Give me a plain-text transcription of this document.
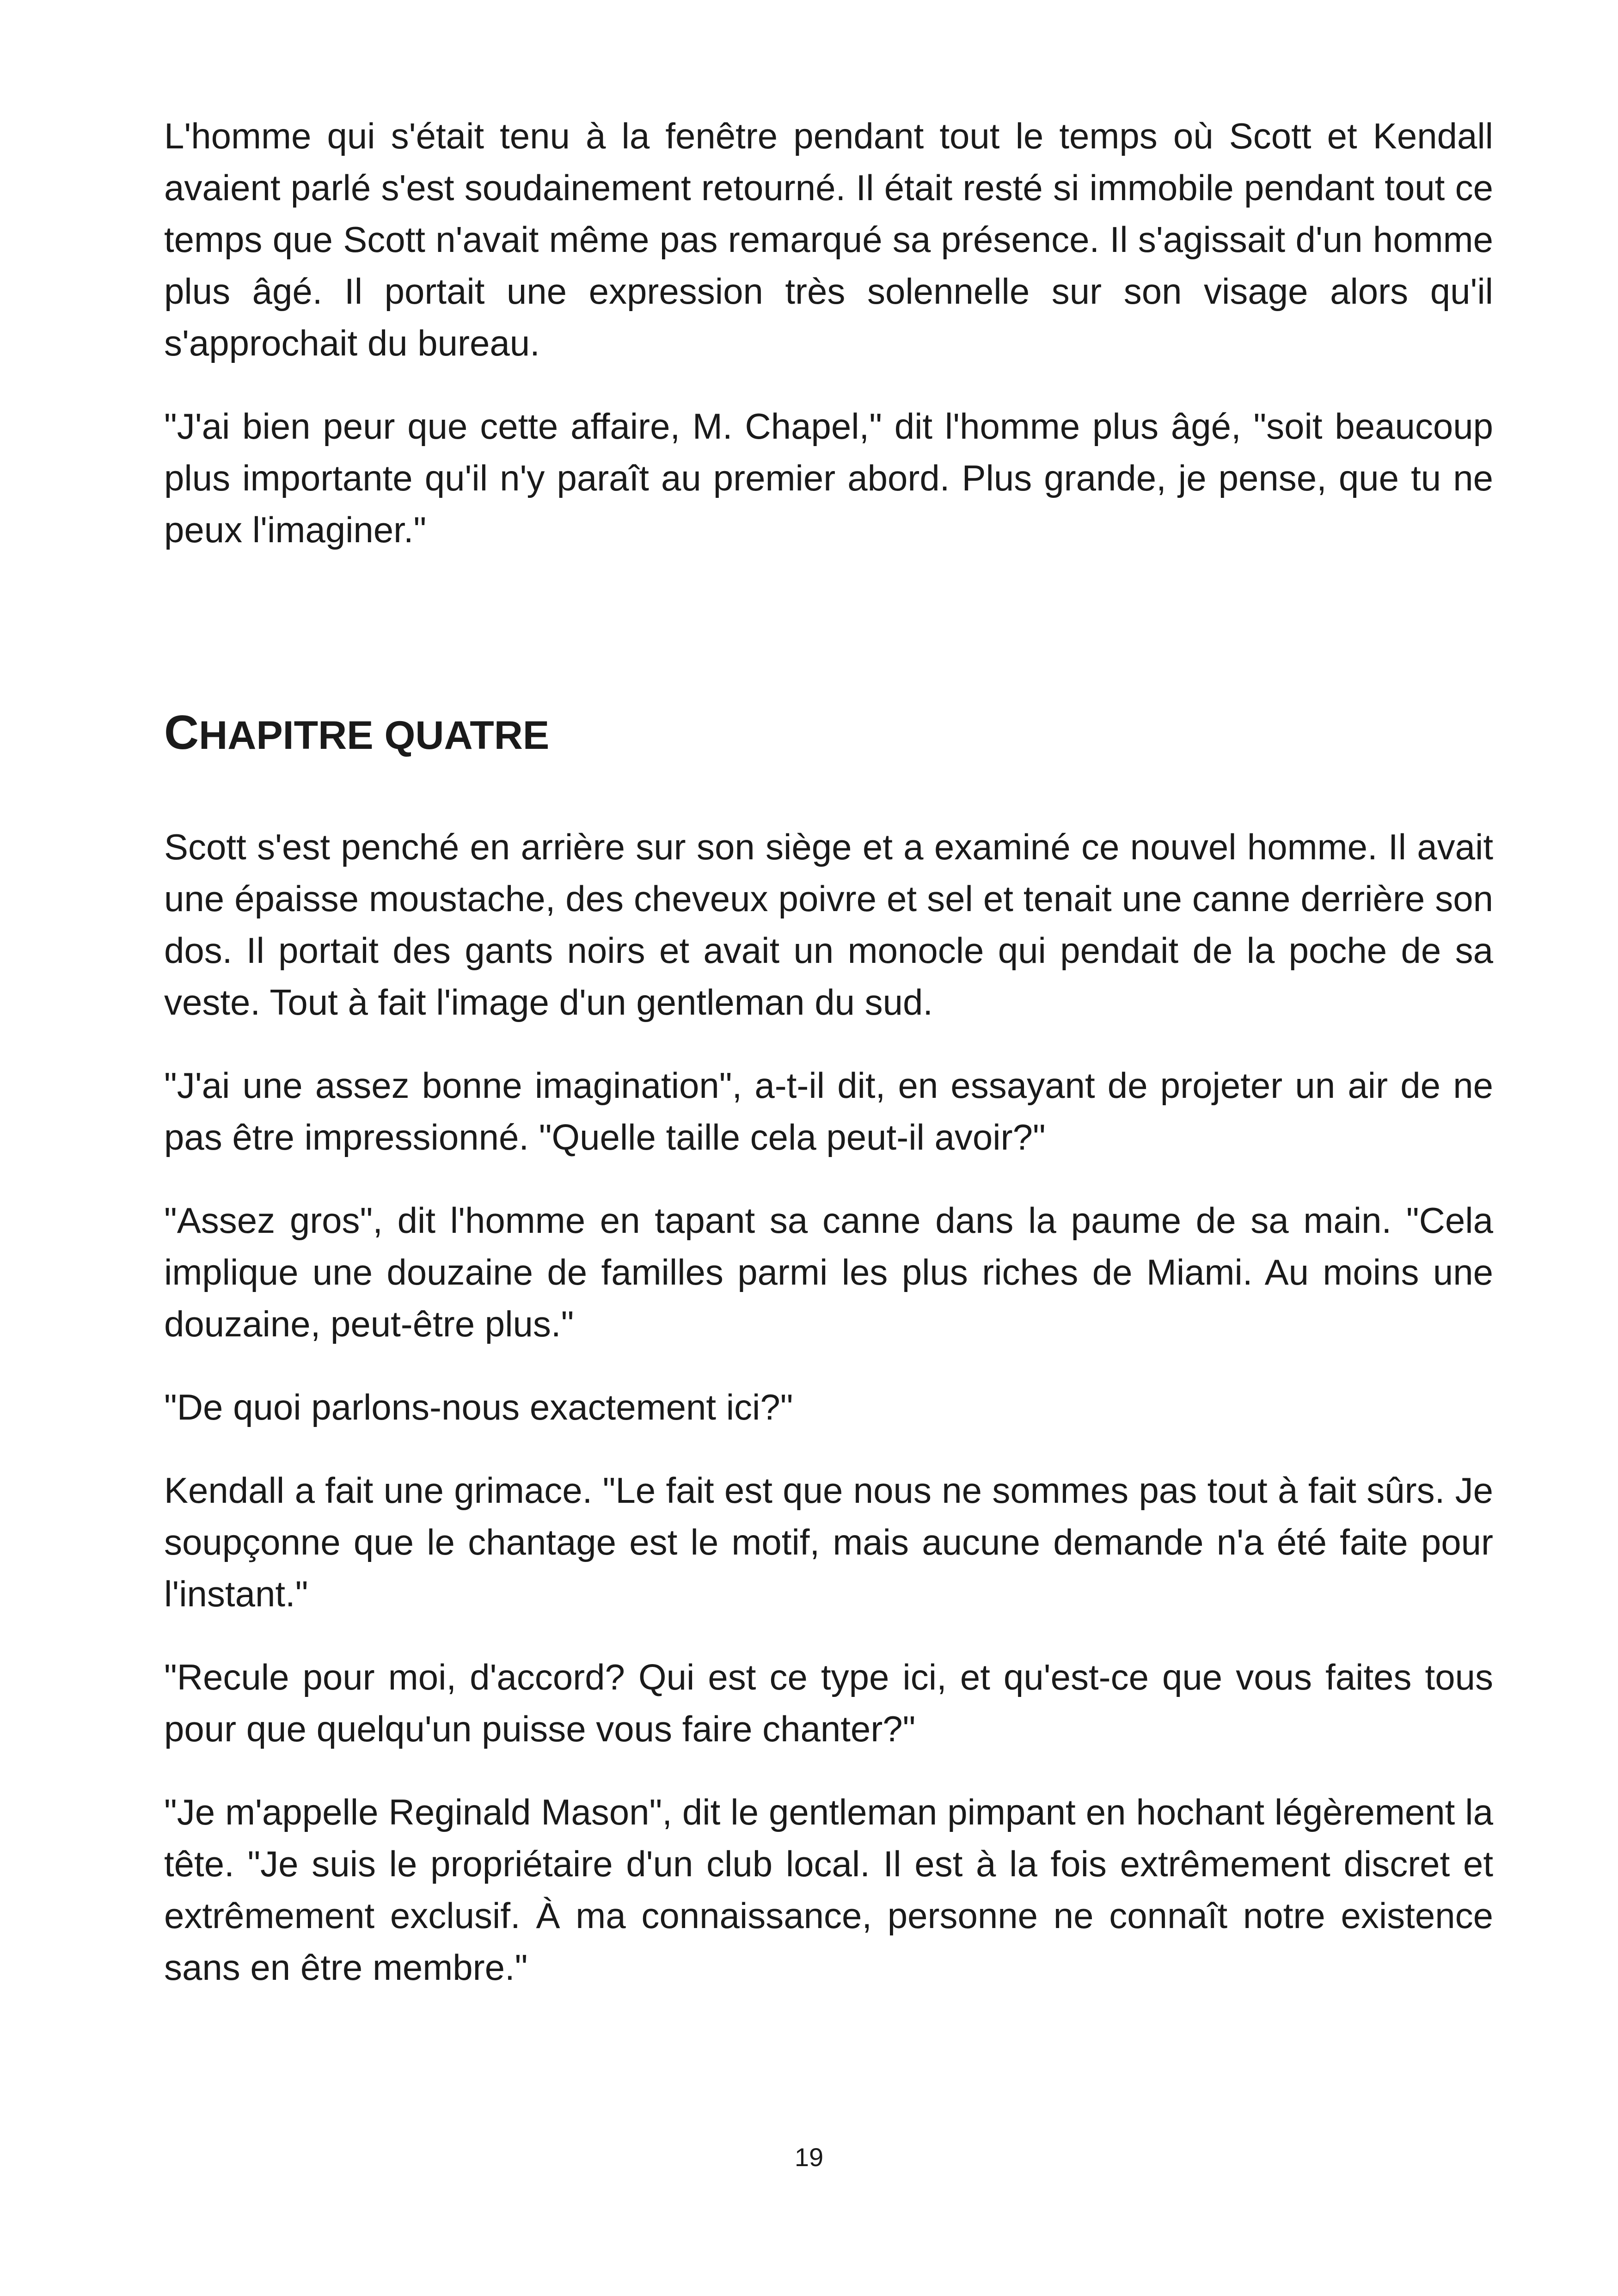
L'homme qui s'était tenu à la fenêtre pendant tout le temps où Scott et Kendall avaient parlé s'est soudainement retourné. Il était resté si immobile pendant tout ce temps que Scott n'avait même pas remarqué sa présence. Il s'agissait d'un homme plus âgé. Il portait une expression très solennelle sur son visage alors qu'il s'approchait du bureau.

"J'ai bien peur que cette affaire, M. Chapel," dit l'homme plus âgé, "soit beaucoup plus importante qu'il n'y paraît au premier abord. Plus grande, je pense, que tu ne peux l'imaginer."

CHAPITRE QUATRE

Scott s'est penché en arrière sur son siège et a examiné ce nouvel homme. Il avait une épaisse moustache, des cheveux poivre et sel et tenait une canne derrière son dos. Il portait des gants noirs et avait un monocle qui pendait de la poche de sa veste. Tout à fait l'image d'un gentleman du sud.

"J'ai une assez bonne imagination", a-t-il dit, en essayant de projeter un air de ne pas être impressionné. "Quelle taille cela peut-il avoir?"

"Assez gros", dit l'homme en tapant sa canne dans la paume de sa main. "Cela implique une douzaine de familles parmi les plus riches de Miami. Au moins une douzaine, peut-être plus."

"De quoi parlons-nous exactement ici?"

Kendall a fait une grimace. "Le fait est que nous ne sommes pas tout à fait sûrs. Je soupçonne que le chantage est le motif, mais aucune demande n'a été faite pour l'instant."

"Recule pour moi, d'accord? Qui est ce type ici, et qu'est-ce que vous faites tous pour que quelqu'un puisse vous faire chanter?"

"Je m'appelle Reginald Mason", dit le gentleman pimpant en hochant légèrement la tête. "Je suis le propriétaire d'un club local. Il est à la fois extrêmement discret et extrêmement exclusif. À ma connaissance, personne ne connaît notre existence sans en être membre."

19
